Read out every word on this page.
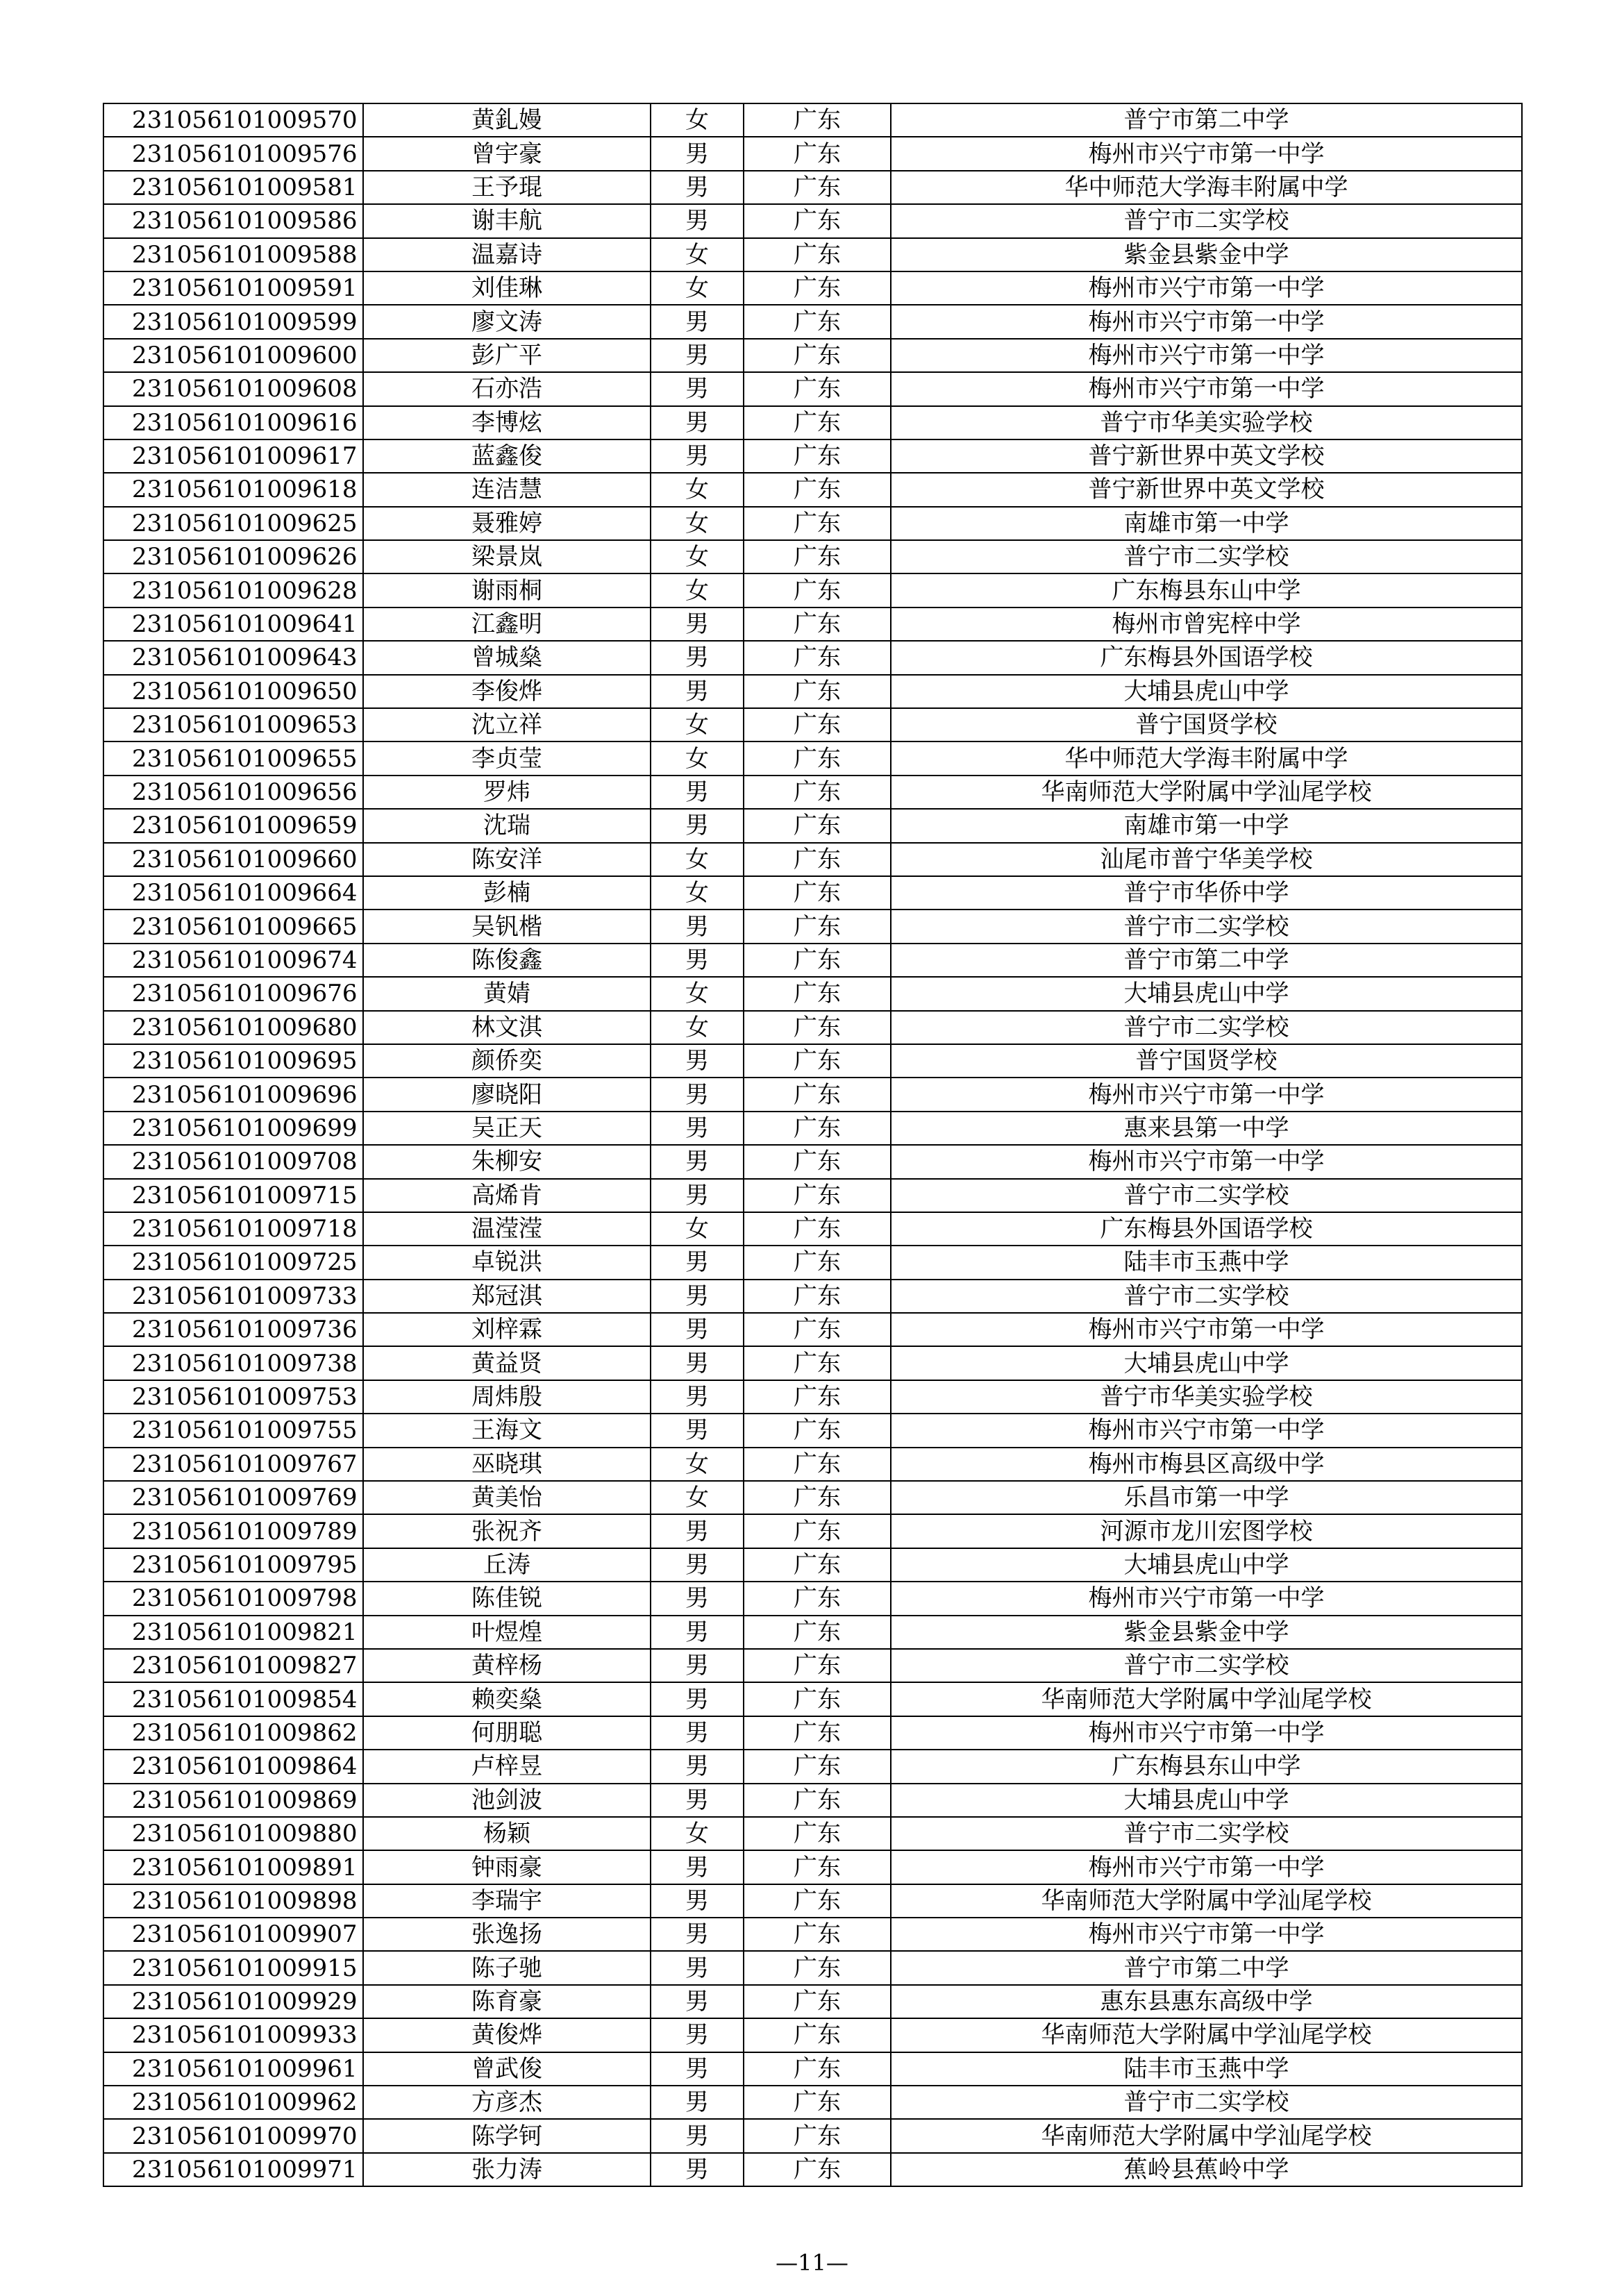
231056101009570	黄釓嫚	女	广东	普宁市第二中学
231056101009576	曾宇豪	男	广东	梅州市兴宁市第一中学
231056101009581	王予琨	男	广东	华中师范大学海丰附属中学
231056101009586	谢丰航	男	广东	普宁市二实学校
231056101009588	温嘉诗	女	广东	紫金县紫金中学
231056101009591	刘佳琳	女	广东	梅州市兴宁市第一中学
231056101009599	廖文涛	男	广东	梅州市兴宁市第一中学
231056101009600	彭广平	男	广东	梅州市兴宁市第一中学
231056101009608	石亦浩	男	广东	梅州市兴宁市第一中学
231056101009616	李博炫	男	广东	普宁市华美实验学校
231056101009617	蓝鑫俊	男	广东	普宁新世界中英文学校
231056101009618	连洁慧	女	广东	普宁新世界中英文学校
231056101009625	聂雅婷	女	广东	南雄市第一中学
231056101009626	梁景岚	女	广东	普宁市二实学校
231056101009628	谢雨桐	女	广东	广东梅县东山中学
231056101009641	江鑫明	男	广东	梅州市曾宪梓中学
231056101009643	曾城燊	男	广东	广东梅县外国语学校
231056101009650	李俊烨	男	广东	大埔县虎山中学
231056101009653	沈立祥	女	广东	普宁国贤学校
231056101009655	李贞莹	女	广东	华中师范大学海丰附属中学
231056101009656	罗炜	男	广东	华南师范大学附属中学汕尾学校
231056101009659	沈瑞	男	广东	南雄市第一中学
231056101009660	陈安洋	女	广东	汕尾市普宁华美学校
231056101009664	彭楠	女	广东	普宁市华侨中学
231056101009665	吴钒楷	男	广东	普宁市二实学校
231056101009674	陈俊鑫	男	广东	普宁市第二中学
231056101009676	黄婧	女	广东	大埔县虎山中学
231056101009680	林文淇	女	广东	普宁市二实学校
231056101009695	颜侨奕	男	广东	普宁国贤学校
231056101009696	廖晓阳	男	广东	梅州市兴宁市第一中学
231056101009699	吴正天	男	广东	惠来县第一中学
231056101009708	朱柳安	男	广东	梅州市兴宁市第一中学
231056101009715	高烯肯	男	广东	普宁市二实学校
231056101009718	温滢滢	女	广东	广东梅县外国语学校
231056101009725	卓锐洪	男	广东	陆丰市玉燕中学
231056101009733	郑冠淇	男	广东	普宁市二实学校
231056101009736	刘梓霖	男	广东	梅州市兴宁市第一中学
231056101009738	黄益贤	男	广东	大埔县虎山中学
231056101009753	周炜殷	男	广东	普宁市华美实验学校
231056101009755	王海文	男	广东	梅州市兴宁市第一中学
231056101009767	巫晓琪	女	广东	梅州市梅县区高级中学
231056101009769	黄美怡	女	广东	乐昌市第一中学
231056101009789	张祝齐	男	广东	河源市龙川宏图学校
231056101009795	丘涛	男	广东	大埔县虎山中学
231056101009798	陈佳锐	男	广东	梅州市兴宁市第一中学
231056101009821	叶煜煌	男	广东	紫金县紫金中学
231056101009827	黄梓杨	男	广东	普宁市二实学校
231056101009854	赖奕燊	男	广东	华南师范大学附属中学汕尾学校
231056101009862	何朋聪	男	广东	梅州市兴宁市第一中学
231056101009864	卢梓昱	男	广东	广东梅县东山中学
231056101009869	池剑波	男	广东	大埔县虎山中学
231056101009880	杨颖	女	广东	普宁市二实学校
231056101009891	钟雨豪	男	广东	梅州市兴宁市第一中学
231056101009898	李瑞宇	男	广东	华南师范大学附属中学汕尾学校
231056101009907	张逸扬	男	广东	梅州市兴宁市第一中学
231056101009915	陈子驰	男	广东	普宁市第二中学
231056101009929	陈育豪	男	广东	惠东县惠东高级中学
231056101009933	黄俊烨	男	广东	华南师范大学附属中学汕尾学校
231056101009961	曾武俊	男	广东	陆丰市玉燕中学
231056101009962	方彦杰	男	广东	普宁市二实学校
231056101009970	陈学钶	男	广东	华南师范大学附属中学汕尾学校
231056101009971	张力涛	男	广东	蕉岭县蕉岭中学
—11—
